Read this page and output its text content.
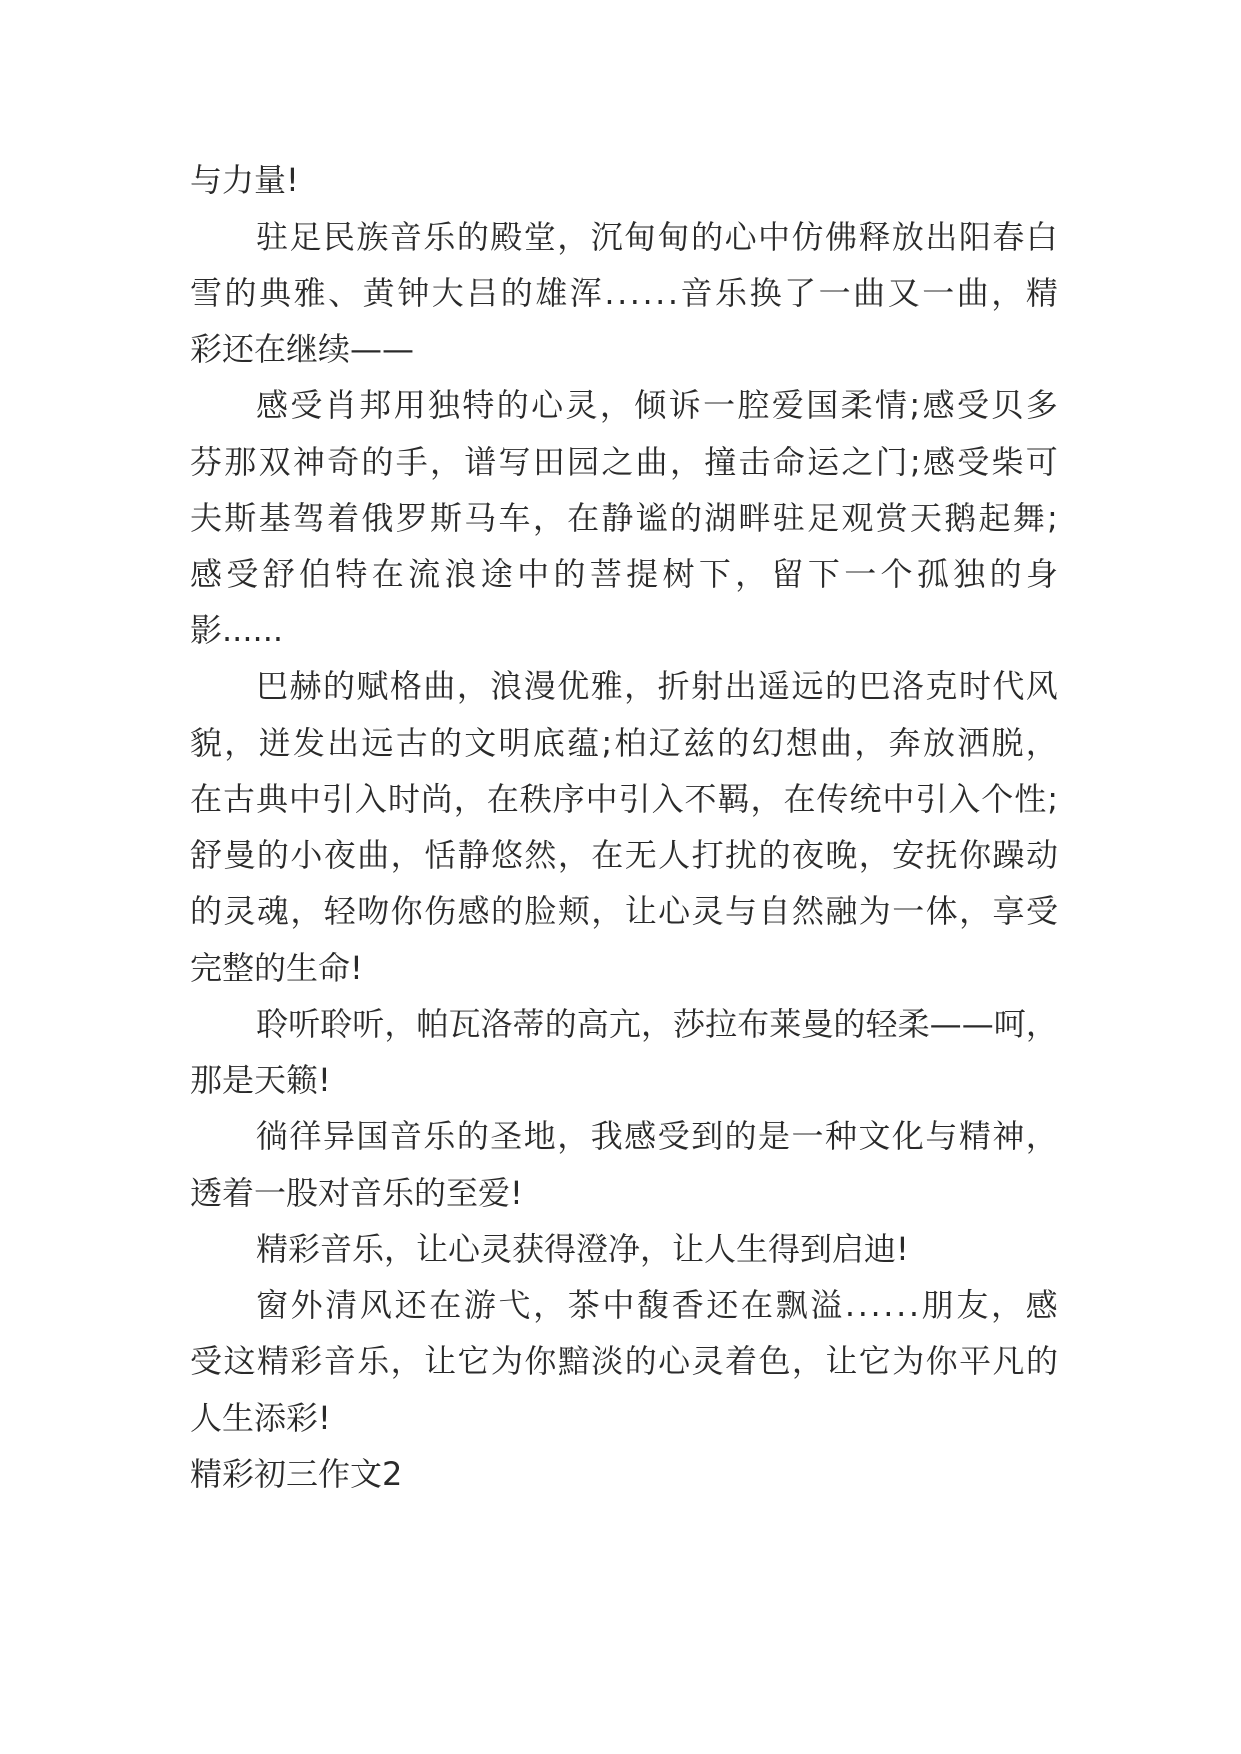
与力量!
驻 足 民 族 音 乐 的 殿 堂 ， 沉 甸 甸 的 心 中 仿 佛 释 放 出 阳 春 白
雪 的 典 雅 、 黄 钟 大 吕 的 雄 浑 . . . . . . 音 乐 换 了 一 曲 又 一 曲 ， 精
彩还在继续——
感 受 肖 邦 用 独 特 的 心 灵 ， 倾 诉 一 腔 爱 国 柔 情 ; 感 受 贝 多
芬 那 双 神 奇 的 手 ， 谱 写 田 园 之 曲 ， 撞 击 命 运 之 门 ; 感 受 柴 可
夫 斯 基 驾 着 俄 罗 斯 马 车 ， 在 静 谧 的 湖 畔 驻 足 观 赏 天 鹅 起 舞 ;
感 受 舒 伯 特 在 流 浪 途 中 的 菩 提 树 下 ， 留 下 一 个 孤 独 的 身
影......
巴 赫 的 赋 格 曲 ， 浪 漫 优 雅 ， 折 射 出 遥 远 的 巴 洛 克 时 代 风
貌 ， 迸 发 出 远 古 的 文 明 底 蕴 ; 柏 辽 兹 的 幻 想 曲 ， 奔 放 洒 脱 ，
在 古 典 中 引 入 时 尚 ， 在 秩 序 中 引 入 不 羁 ， 在 传 统 中 引 入 个 性 ;
舒 曼 的 小 夜 曲 ， 恬 静 悠 然 ， 在 无 人 打 扰 的 夜 晚 ， 安 抚 你 躁 动
的 灵 魂 ， 轻 吻 你 伤 感 的 脸 颊 ， 让 心 灵 与 自 然 融 为 一 体 ， 享 受
完整的生命!
聆 听 聆 听 ， 帕 瓦 洛 蒂 的 高 亢 ， 莎 拉 布 莱 曼 的 轻 柔 — — 呵 ，
那是天籁!
徜 徉 异 国 音 乐 的 圣 地 ， 我 感 受 到 的 是 一 种 文 化 与 精 神 ，
透着一股对音乐的至爱!
精彩音乐，让心灵获得澄净，让人生得到启迪!
窗 外 清 风 还 在 游 弋 ， 茶 中 馥 香 还 在 飘 溢 . . . . . . 朋 友 ， 感
受 这 精 彩 音 乐 ， 让 它 为 你 黯 淡 的 心 灵 着 色 ， 让 它 为 你 平 凡 的
人生添彩!
精彩初三作文2
